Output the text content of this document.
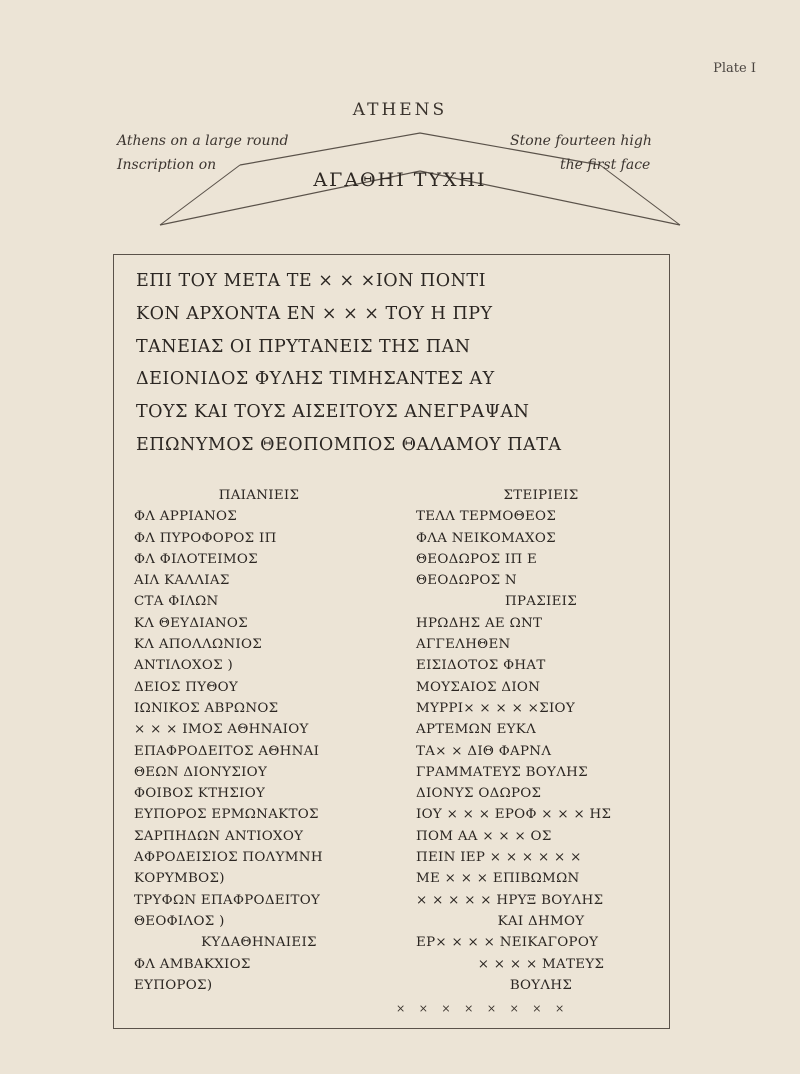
Plate I
ATHENS
Athens on a large round
Inscription on
Stone fourteen high
the first face
ΑΓΑΘΗΙ ΤΥΧΗΙ
ΕΠΙ ΤΟΥ ΜΕΤΑ ΤΕ × × ×ΙΟΝ ΠΟΝΤΙ
ΚΟΝ ΑΡΧΟΝΤΑ ΕΝ × × × ΤΟΥ Η ΠΡΥ
ΤΑΝΕΙΑΣ ΟΙ ΠΡΥΤΑΝΕΙΣ ΤΗΣ ΠΑΝ
ΔΕΙΟΝΙΔΟΣ ΦΥΛΗΣ ΤΙΜΗΣΑΝΤΕΣ ΑΥ
ΤΟΥΣ ΚΑΙ ΤΟΥΣ ΑΙΣΕΙΤΟΥΣ ΑΝΕΓΡΑΨΑΝ
ΕΠΩΝΥΜΟΣ ΘΕΟΠΟΜΠΟΣ ΘΑΛΑΜΟΥ ΠΑΤΑ
ΠΑΙΑΝΙΕΙΣ
ΦΛ ΑΡΡΙΑΝΟΣ
ΦΛ ΠΥΡΟΦΟΡΟΣ ΙΠ
ΦΛ ΦΙΛΟΤΕΙΜΟΣ
ΑΙΛ ΚΑΛΛΙΑΣ
CΤΑ ΦΙΛΩΝ
ΚΛ ΘΕΥΔΙΑΝΟΣ
ΚΛ ΑΠΟΛΛΩΝΙΟΣ
ΑΝΤΙΛΟΧΟΣ )
ΔΕΙΟΣ ΠΥΘΟΥ
ΙΩΝΙΚΟΣ ΑΒΡΩΝΟΣ
× × × ΙΜΟΣ ΑΘΗΝΑΙΟΥ
ΕΠΑΦΡΟΔΕΙΤΟΣ ΑΘΗΝΑΙ
ΘΕΩΝ ΔΙΟΝΥΣΙΟΥ
ΦΟΙΒΟΣ ΚΤΗΣΙΟΥ
ΕΥΠΟΡΟΣ ΕΡΜΩΝΑΚΤΟΣ
ΣΑΡΠΗΔΩΝ ΑΝΤΙΟΧΟΥ
ΑΦΡΟΔΕΙΣΙΟΣ ΠΟΛΥΜΝΗ
ΚΟΡΥΜΒΟΣ)
ΤΡΥΦΩΝ ΕΠΑΦΡΟΔΕΙΤΟΥ
ΘΕΟΦΙΛΟΣ )
ΚΥΔΑΘΗΝΑΙΕΙΣ
ΦΛ ΑΜΒΑΚΧΙΟΣ
ΕΥΠΟΡΟΣ)
ΣΤΕΙΡΙΕΙΣ
ΤΕΛΛ ΤΕΡΜΟΘΕΟΣ
ΦΛΑ ΝΕΙΚΟΜΑΧΟΣ
ΘΕΟΔΩΡΟΣ ΙΠ Ε
ΘΕΟΔΩΡΟΣ Ν
ΠΡΑΣΙΕΙΣ
ΗΡΩΔΗΣ ΑΕ ΩΝΤ
ΑΓΓΕΛΗΘΕΝ
ΕΙΣΙΔΟΤΟΣ ΦΗΑΤ
ΜΟΥΣΑΙΟΣ ΔΙΟΝ
ΜΥΡΡΙ× × × × ×ΣΙΟΥ
ΑΡΤΕΜΩΝ ΕΥΚΛ
ΤΑ× × ΔΙΘ ΦΑΡΝΛ
ΓΡΑΜΜΑΤΕΥΣ ΒΟΥΛΗΣ
ΔΙΟΝΥΣ ΟΔΩΡΟΣ
ΙΟΥ × × × ΕΡΟΦ × × × ΗΣ
ΠΟΜ ΑΑ × × × ΟΣ
ΠΕΙΝ ΙΕΡ × × × × × ×
ΜΕ × × × ΕΠΙΒΩΜΩΝ
× × × × × ΗΡΥΞ ΒΟΥΛΗΣ
ΚΑΙ ΔΗΜΟΥ
ΕΡ× × × × ΝΕΙΚΑΓΟΡΟΥ
× × × × ΜΑΤΕΥΣ
ΒΟΥΛΗΣ
× × × × × × × ×
